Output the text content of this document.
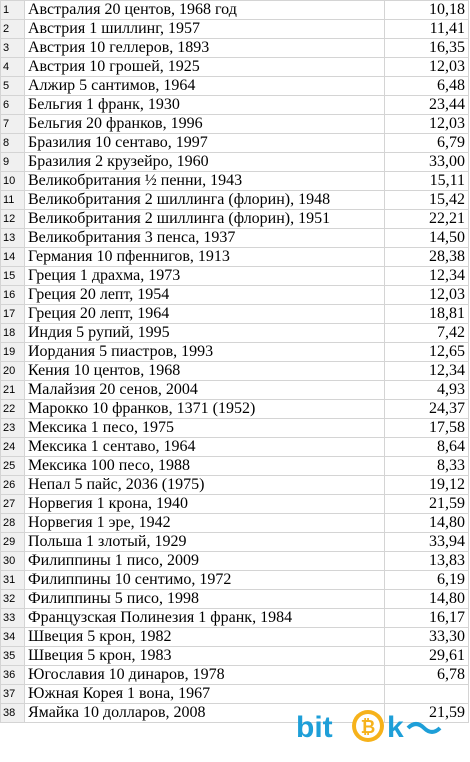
1	Австралия 20 центов, 1968 год	10,18
2	Австрия 1 шиллинг, 1957	11,41
3	Австрия 10 геллеров, 1893	16,35
4	Австрия 10 грошей, 1925	12,03
5	Алжир 5 сантимов, 1964	6,48
6	Бельгия 1 франк, 1930	23,44
7	Бельгия 20 франков, 1996	12,03
8	Бразилия 10 сентаво, 1997	6,79
9	Бразилия 2 крузейро, 1960	33,00
10	Великобритания ½ пенни, 1943	15,11
11	Великобритания 2 шиллинга (флорин), 1948	15,42
12	Великобритания 2 шиллинга (флорин), 1951	22,21
13	Великобритания 3 пенса, 1937	14,50
14	Германия 10 пфеннигов, 1913	28,38
15	Греция 1 драхма, 1973	12,34
16	Греция 20 лепт, 1954	12,03
17	Греция 20 лепт, 1964	18,81
18	Индия 5 рупий, 1995	7,42
19	Иордания 5 пиастров, 1993	12,65
20	Кения 10 центов, 1968	12,34
21	Малайзия 20 сенов, 2004	4,93
22	Марокко 10 франков, 1371 (1952)	24,37
23	Мексика 1 песо, 1975	17,58
24	Мексика 1 сентаво, 1964	8,64
25	Мексика 100 песо, 1988	8,33
26	Непал 5 пайс, 2036 (1975)	19,12
27	Норвегия 1 крона, 1940	21,59
28	Норвегия 1 эре, 1942	14,80
29	Польша 1 злотый, 1929	33,94
30	Филиппины 1 писо, 2009	13,83
31	Филиппины 10 сентимо, 1972	6,19
32	Филиппины 5 писо, 1998	14,80
33	Французская Полинезия 1 франк, 1984	16,17
34	Швеция 5 крон, 1982	33,30
35	Швеция 5 крон, 1983	29,61
36	Югославия 10 динаров, 1978	6,78
37	Южная Корея 1 вона, 1967	
38	Ямайка 10 долларов, 2008	21,59
bit ₿ k
